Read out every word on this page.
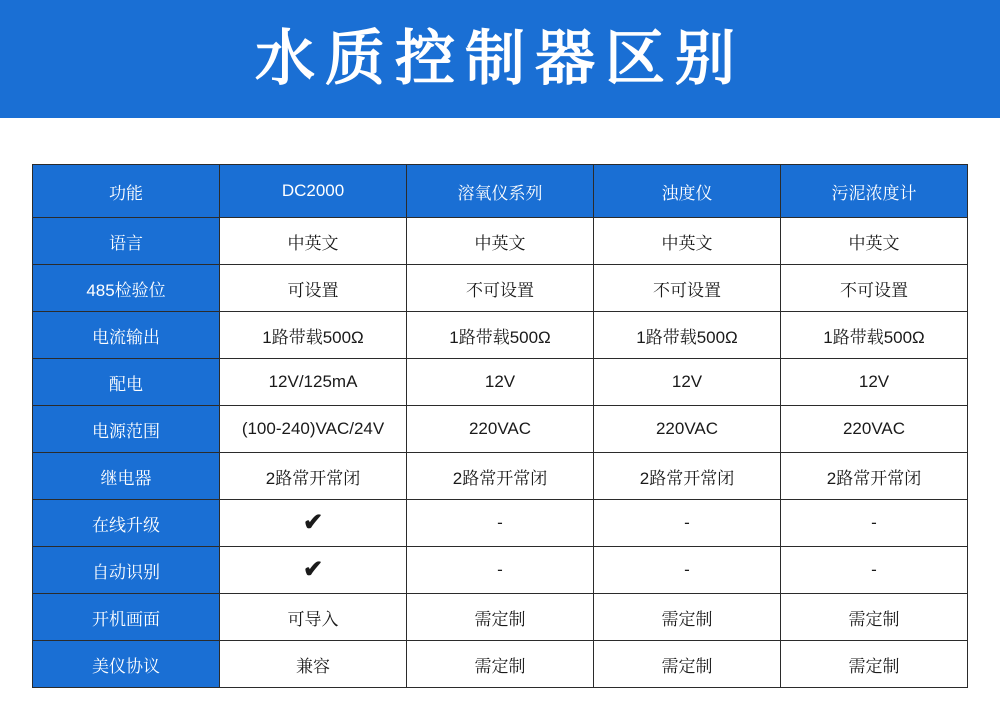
水质控制器区别
功能	DC2000	溶氧仪系列	浊度仪	污泥浓度计
语言	中英文	中英文	中英文	中英文
485检验位	可设置	不可设置	不可设置	不可设置
电流输出	1路带载500Ω	1路带载500Ω	1路带载500Ω	1路带载500Ω
配电	12V/125mA	12V	12V	12V
电源范围	(100-240)VAC/24V	220VAC	220VAC	220VAC
继电器	2路常开常闭	2路常开常闭	2路常开常闭	2路常开常闭
在线升级	✔	-	-	-
自动识别	✔	-	-	-
开机画面	可导入	需定制	需定制	需定制
美仪协议	兼容	需定制	需定制	需定制
